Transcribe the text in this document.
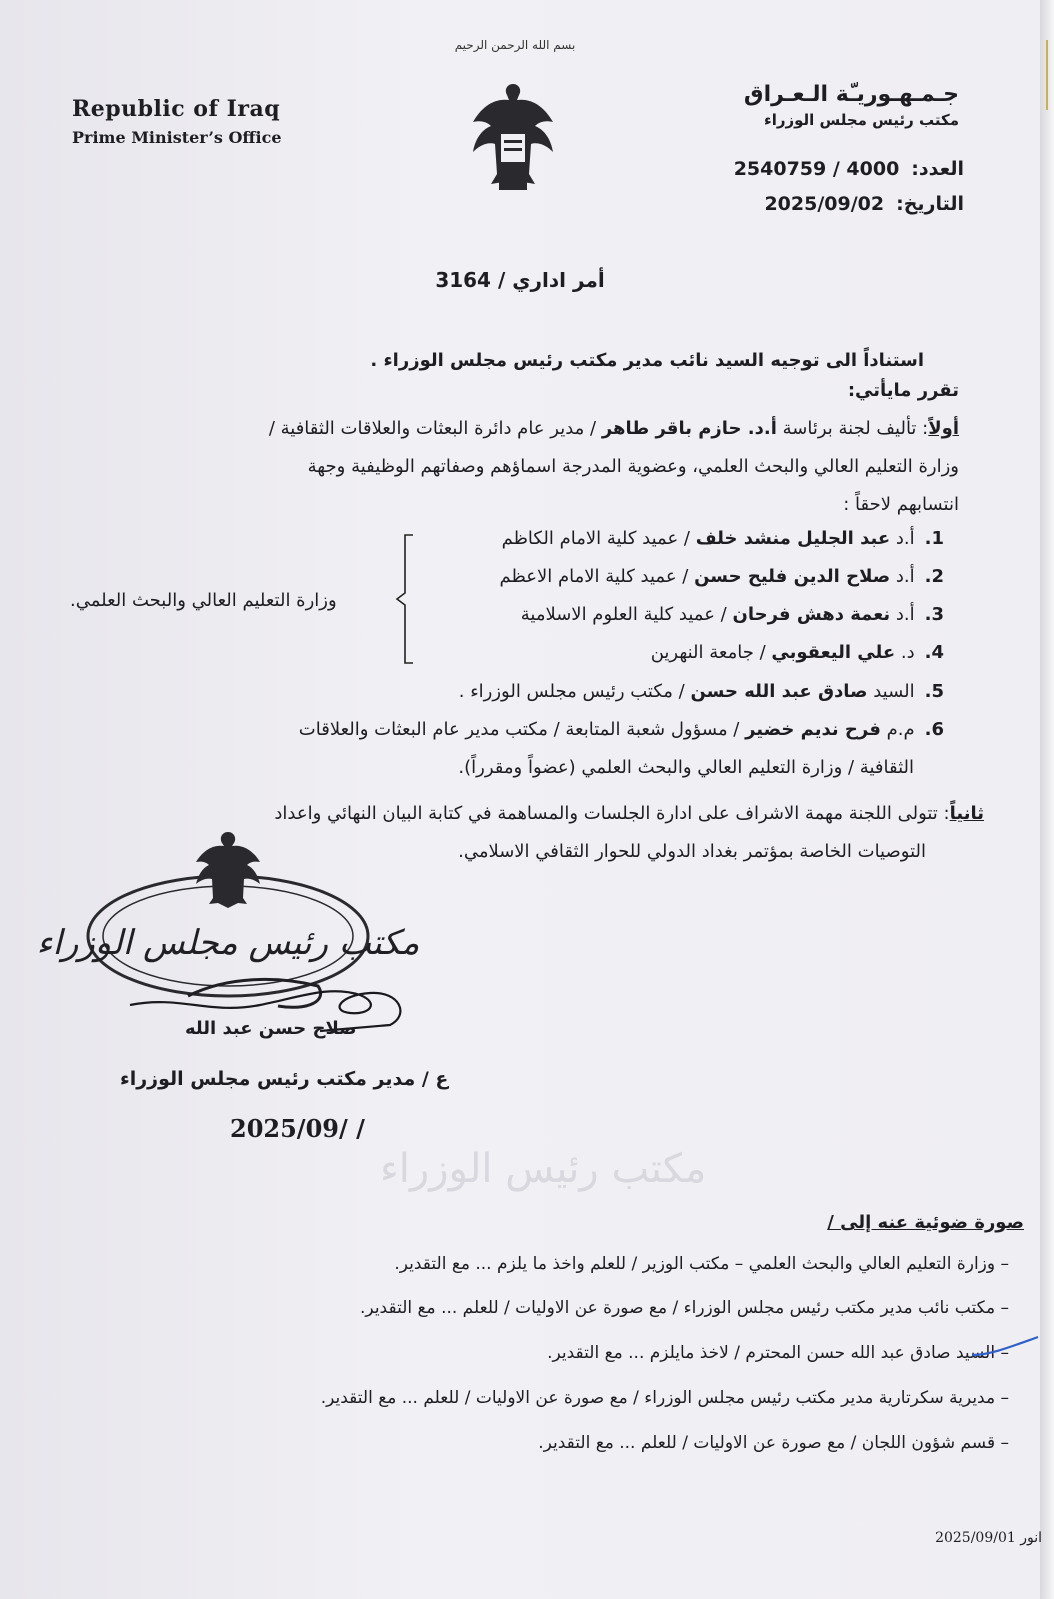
بسم الله الرحمن الرحيم
Republic of Iraq
Prime Minister’s Office
جـمـهـوريـّة الـعـراق
مكتب رئيس مجلس الوزراء
العدد:2540759 / 4000
التاريخ:2025/09/02
أمر اداري / 3164
استناداً الى توجيه السيد نائب مدير مكتب رئيس مجلس الوزراء .
تقرر مايأتي:
أولاً: تأليف لجنة برئاسة أ.د. حازم باقر طاهر / مدير عام دائرة البعثات والعلاقات الثقافية /
وزارة التعليم العالي والبحث العلمي، وعضوية المدرجة اسماؤهم وصفاتهم الوظيفية وجهة
انتسابهم لاحقاً :
1.أ.د عبد الجليل منشد خلف / عميد كلية الامام الكاظم
2.أ.د صلاح الدين فليح حسن / عميد كلية الامام الاعظم
3.أ.د نعمة دهش فرحان / عميد كلية العلوم الاسلامية
4.د. علي اليعقوبي / جامعة النهرين
5.السيد صادق عبد الله حسن / مكتب رئيس مجلس الوزراء .
6.م.م فرح نديم خضير / مسؤول شعبة المتابعة / مكتب مدير عام البعثات والعلاقات
الثقافية / وزارة التعليم العالي والبحث العلمي (عضواً ومقرراً).
وزارة التعليم العالي والبحث العلمي.
ثانياً: تتولى اللجنة مهمة الاشراف على ادارة الجلسات والمساهمة في كتابة البيان النهائي واعداد
التوصيات الخاصة بمؤتمر بغداد الدولي للحوار الثقافي الاسلامي.
مكتب رئيس مجلس الوزراء
صلاح حسن عبد الله
ع / مدير مكتب رئيس مجلس الوزراء
2025/09/ /
مكتب رئيس الوزراء
صورة ضوئية عنه إلى /
– وزارة التعليم العالي والبحث العلمي – مكتب الوزير / للعلم واخذ ما يلزم ... مع التقدير.
– مكتب نائب مدير مكتب رئيس مجلس الوزراء / مع صورة عن الاوليات / للعلم ... مع التقدير.
– السيد صادق عبد الله حسن المحترم / لاخذ مايلزم ... مع التقدير.
– مديرية سكرتارية مدير مكتب رئيس مجلس الوزراء / مع صورة عن الاوليات / للعلم ... مع التقدير.
– قسم شؤون اللجان / مع صورة عن الاوليات / للعلم ... مع التقدير.
انور 2025/09/01
